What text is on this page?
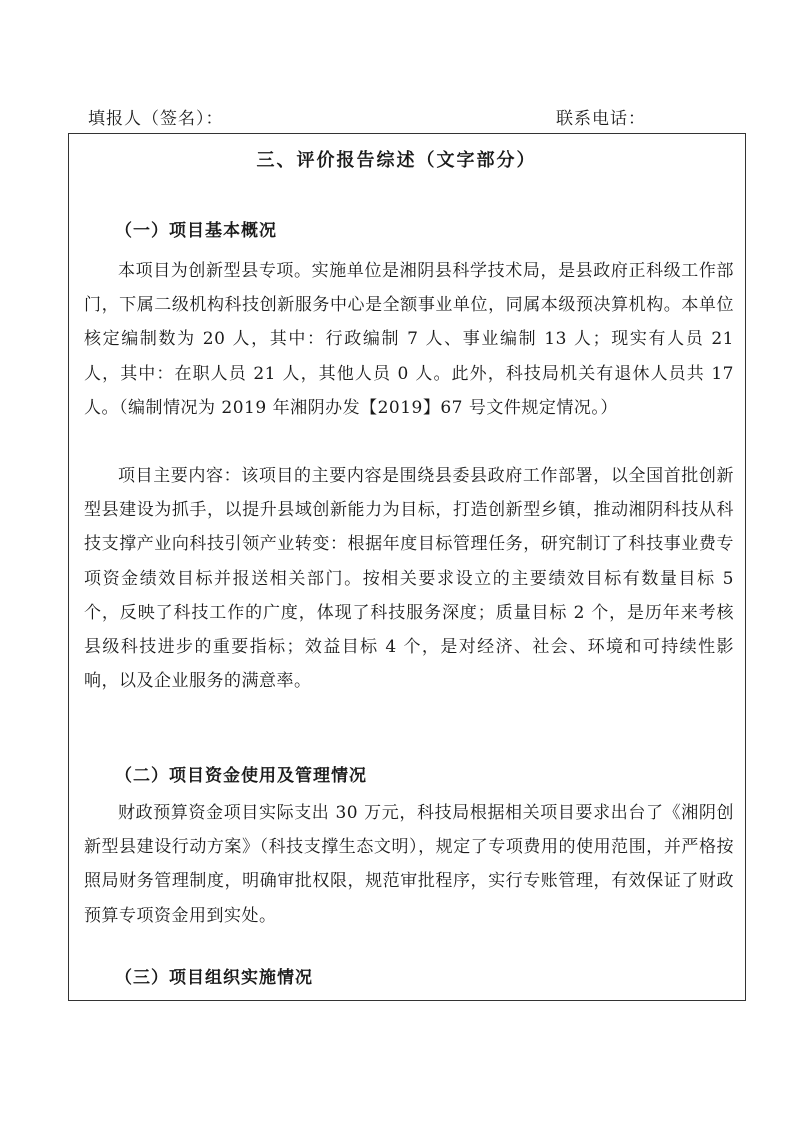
填报人（签名）：	联系电话：
三、评价报告综述（文字部分）
（一）项目基本概况
本项目为创新型县专项。实施单位是湘阴县科学技术局，是县政府正科级工作部门，下属二级机构科技创新服务中心是全额事业单位，同属本级预决算机构。本单位核定编制数为 20 人，其中：行政编制 7 人、事业编制 13 人；现实有人员 21 人，其中：在职人员 21 人，其他人员 0 人。此外，科技局机关有退休人员共 17 人。（编制情况为 2019 年湘阴办发【2019】67 号文件规定情况。）
项目主要内容：该项目的主要内容是围绕县委县政府工作部署，以全国首批创新型县建设为抓手，以提升县域创新能力为目标，打造创新型乡镇，推动湘阴科技从科技支撑产业向科技引领产业转变：根据年度目标管理任务，研究制订了科技事业费专项资金绩效目标并报送相关部门。按相关要求设立的主要绩效目标有数量目标 5 个，反映了科技工作的广度，体现了科技服务深度；质量目标 2 个，是历年来考核县级科技进步的重要指标；效益目标 4 个，是对经济、社会、环境和可持续性影响，以及企业服务的满意率。
（二）项目资金使用及管理情况
财政预算资金项目实际支出 30 万元，科技局根据相关项目要求出台了《湘阴创新型县建设行动方案》（科技支撑生态文明），规定了专项费用的使用范围，并严格按照局财务管理制度，明确审批权限，规范审批程序，实行专账管理，有效保证了财政预算专项资金用到实处。
（三）项目组织实施情况
